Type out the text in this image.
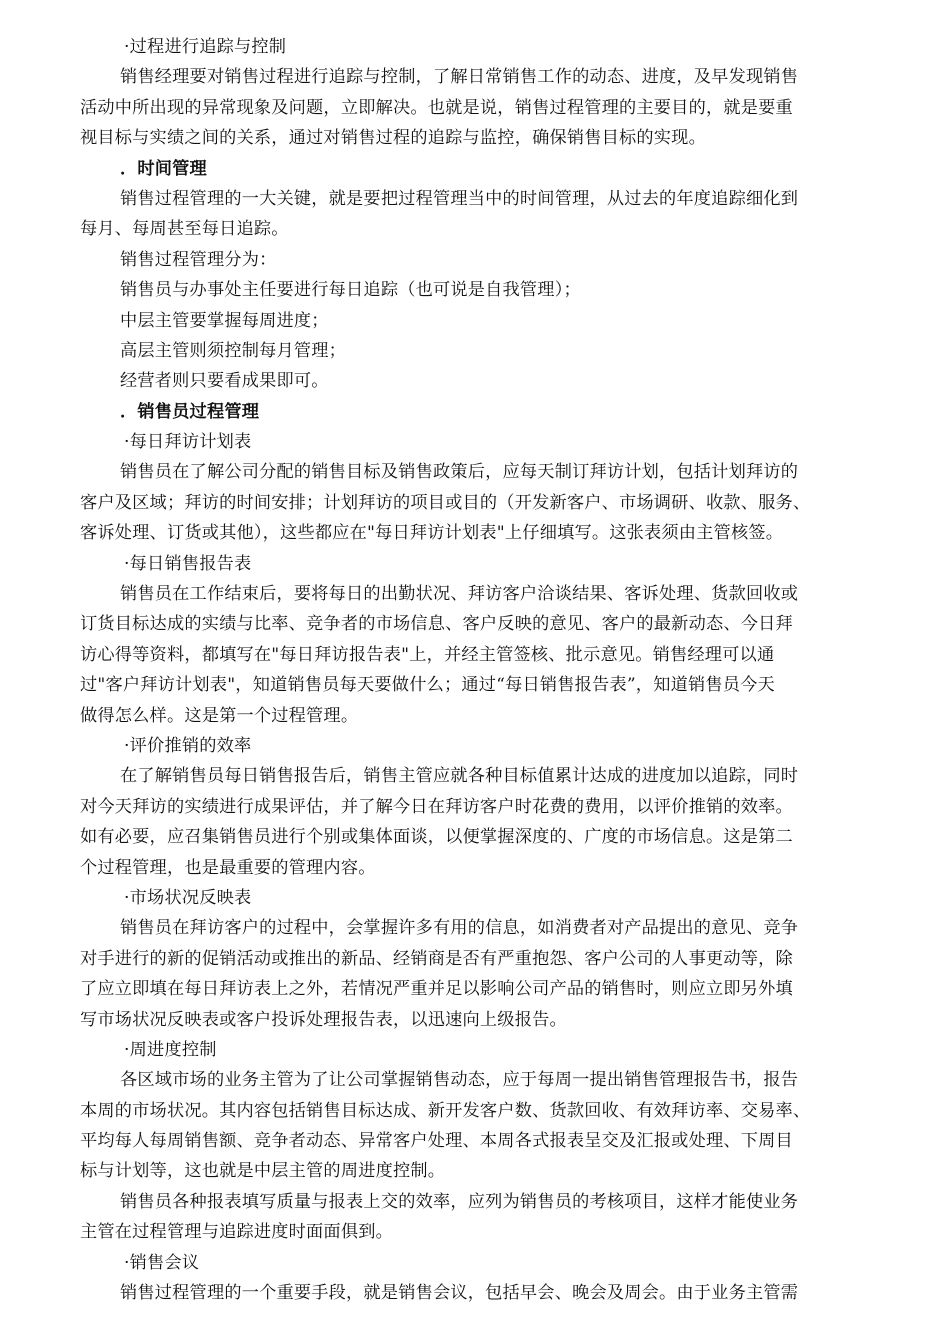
·过程进行追踪与控制
销售经理要对销售过程进行追踪与控制，了解日常销售工作的动态、进度，及早发现销售
活动中所出现的异常现象及问题，立即解决。也就是说，销售过程管理的主要目的，就是要重
视目标与实绩之间的关系，通过对销售过程的追踪与监控，确保销售目标的实现。
．时间管理
销售过程管理的一大关键，就是要把过程管理当中的时间管理，从过去的年度追踪细化到
每月、每周甚至每日追踪。
销售过程管理分为：
销售员与办事处主任要进行每日追踪（也可说是自我管理）；
中层主管要掌握每周进度；
高层主管则须控制每月管理；
经营者则只要看成果即可。
．销售员过程管理
·每日拜访计划表
销售员在了解公司分配的销售目标及销售政策后，应每天制订拜访计划，包括计划拜访的
客户及区域；拜访的时间安排；计划拜访的项目或目的（开发新客户、市场调研、收款、服务、
客诉处理、订货或其他），这些都应在"每日拜访计划表"上仔细填写。这张表须由主管核签。
·每日销售报告表
销售员在工作结束后，要将每日的出勤状况、拜访客户洽谈结果、客诉处理、货款回收或
订货目标达成的实绩与比率、竞争者的市场信息、客户反映的意见、客户的最新动态、今日拜
访心得等资料，都填写在"每日拜访报告表"上，并经主管签核、批示意见。销售经理可以通
过"客户拜访计划表"，知道销售员每天要做什么；通过“每日销售报告表”，知道销售员今天
做得怎么样。这是第一个过程管理。
·评价推销的效率
在了解销售员每日销售报告后，销售主管应就各种目标值累计达成的进度加以追踪，同时
对今天拜访的实绩进行成果评估，并了解今日在拜访客户时花费的费用，以评价推销的效率。
如有必要，应召集销售员进行个别或集体面谈，以便掌握深度的、广度的市场信息。这是第二
个过程管理，也是最重要的管理内容。
·市场状况反映表
销售员在拜访客户的过程中，会掌握许多有用的信息，如消费者对产品提出的意见、竞争
对手进行的新的促销活动或推出的新品、经销商是否有严重抱怨、客户公司的人事更动等，除
了应立即填在每日拜访表上之外，若情况严重并足以影响公司产品的销售时，则应立即另外填
写市场状况反映表或客户投诉处理报告表，以迅速向上级报告。
·周进度控制
各区域市场的业务主管为了让公司掌握销售动态，应于每周一提出销售管理报告书，报告
本周的市场状况。其内容包括销售目标达成、新开发客户数、货款回收、有效拜访率、交易率、
平均每人每周销售额、竞争者动态、异常客户处理、本周各式报表呈交及汇报或处理、下周目
标与计划等，这也就是中层主管的周进度控制。
销售员各种报表填写质量与报表上交的效率，应列为销售员的考核项目，这样才能使业务
主管在过程管理与追踪进度时面面俱到。
·销售会议
销售过程管理的一个重要手段，就是销售会议，包括早会、晚会及周会。由于业务主管需
